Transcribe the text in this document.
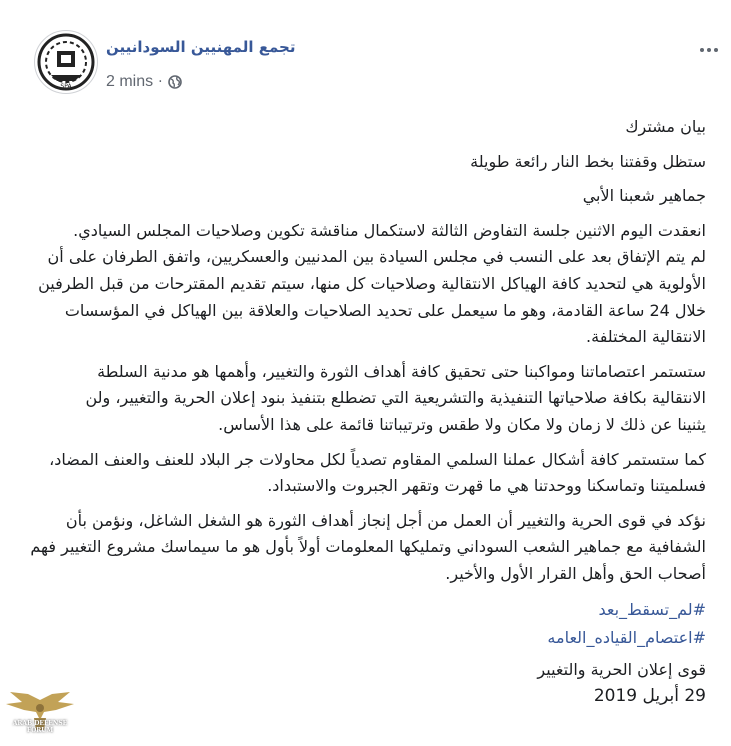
SPA
تجمع المهنيين السودانيين
2 mins ·
بيان مشترك
ستظل وقفتنا بخط النار رائعة طويلة
جماهير شعبنا الأبي

انعقدت اليوم الاثنين جلسة التفاوض الثالثة لاستكمال مناقشة تكوين وصلاحيات المجلس السيادي.
لم يتم الإتفاق بعد على النسب في مجلس السيادة بين المدنيين والعسكريين، واتفق الطرفان على أن
الأولوية هي لتحديد كافة الهياكل الانتقالية وصلاحيات كل منها، سيتم تقديم المقترحات من قبل الطرفين
خلال 24 ساعة القادمة، وهو ما سيعمل على تحديد الصلاحيات والعلاقة بين الهياكل في المؤسسات
الانتقالية المختلفة.

ستستمر اعتصاماتنا ومواكبنا حتى تحقيق كافة أهداف الثورة والتغيير، وأهمها هو مدنية السلطة
الانتقالية بكافة صلاحياتها التنفيذية والتشريعية التي تضطلع بتنفيذ بنود إعلان الحرية والتغيير، ولن
يثنينا عن ذلك لا زمان ولا مكان ولا طقس وترتيباتنا قائمة على هذا الأساس.

كما ستستمر كافة أشكال عملنا السلمي المقاوم تصدياً لكل محاولات جر البلاد للعنف والعنف المضاد،
فسلميتنا وتماسكنا ووحدتنا هي ما قهرت وتقهر الجبروت والاستبداد.

نؤكد في قوى الحرية والتغيير أن العمل من أجل إنجاز أهداف الثورة هو الشغل الشاغل، ونؤمن بأن
الشفافية مع جماهير الشعب السوداني وتمليكها المعلومات أولاً بأول هو ما سيماسك مشروع التغيير فهم
أصحاب الحق وأهل القرار الأول والأخير.

#لم_تسقط_بعد
#اعتصام_القياده_العامه
قوى إعلان الحرية والتغيير
29 أبريل 2019
ARAB DEFENSE FORUM
